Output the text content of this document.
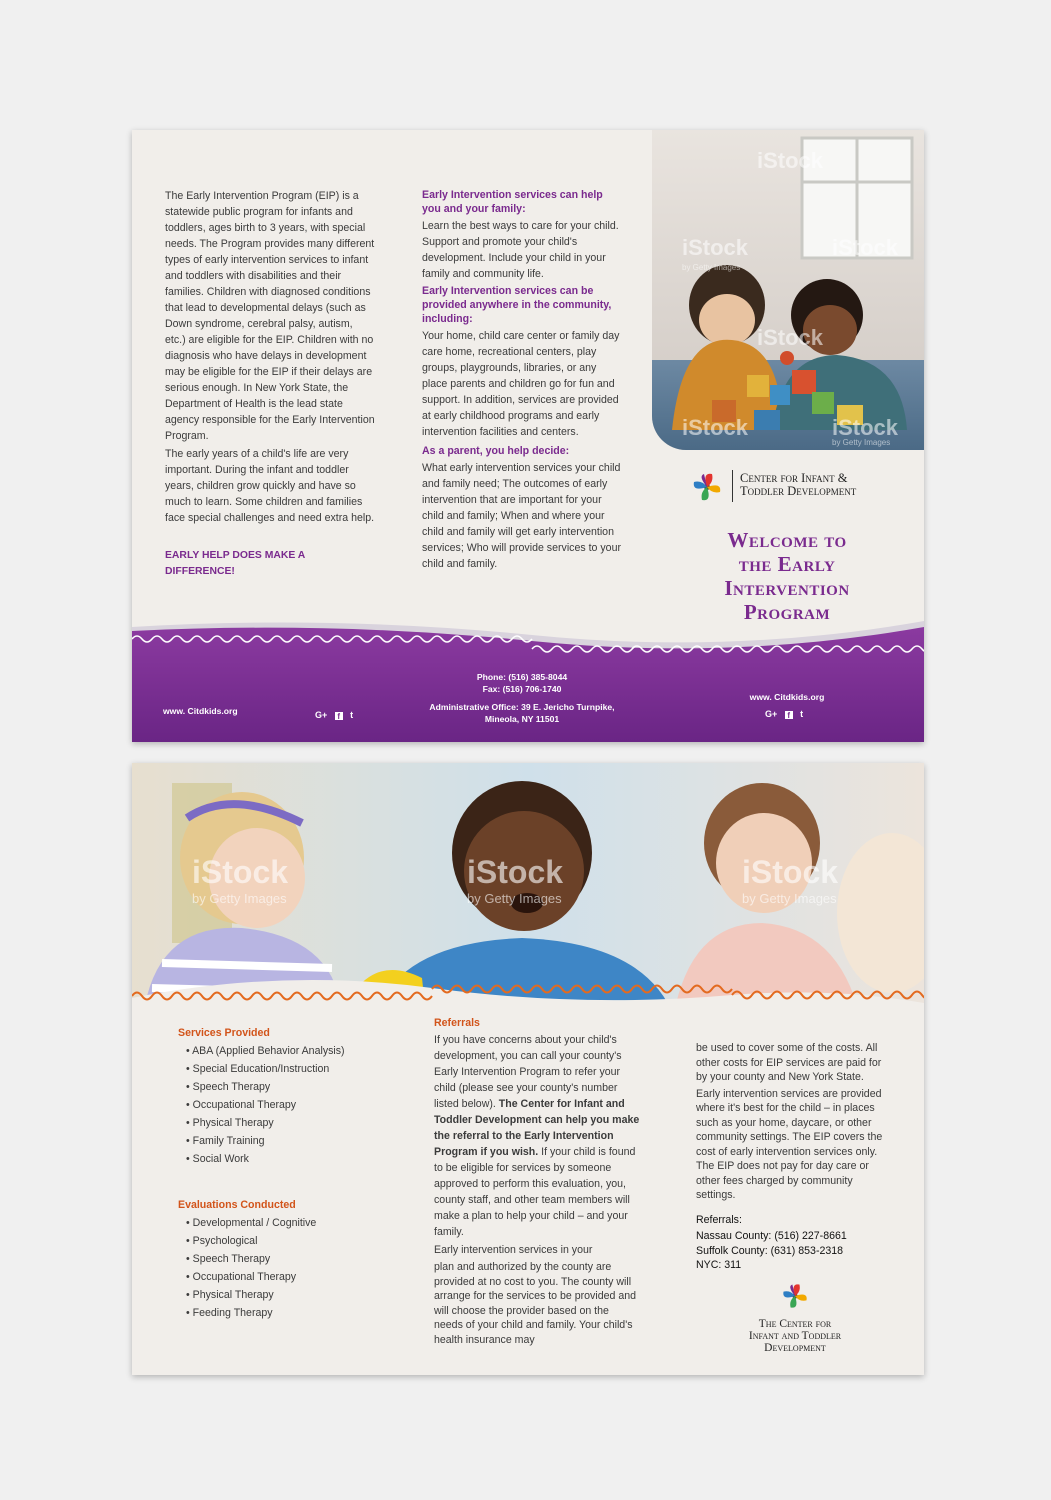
The Early Intervention Program (EIP) is a statewide public program for infants and toddlers, ages birth to 3 years, with special needs. The Program provides many different types of early intervention services to infant and toddlers with disabilities and their families. Children with diagnosed conditions that lead to developmental delays (such as Down syndrome, cerebral palsy, autism, etc.) are eligible for the EIP. Children with no diagnosis who have delays in development may be eligible for the EIP if their delays are serious enough. In New York State, the Department of Health is the lead state agency responsible for the Early Intervention Program.

The early years of a child's life are very important. During the infant and toddler years, children grow quickly and have so much to learn. Some children and families face special challenges and need extra help.

EARLY HELP DOES MAKE A DIFFERENCE!

Early Intervention services can help you and your family:

Learn the best ways to care for your child. Support and promote your child's development. Include your child in your family and community life.

Early Intervention services can be provided anywhere in the community, including:

Your home, child care center or family day care home, recreational centers, play groups, playgrounds, libraries, or any place parents and children go for fun and support. In addition, services are provided at early childhood programs and early intervention facilities and centers.

As a parent, you help decide:

What early intervention services your child and family need; The outcomes of early intervention that are important for your child and family; When and where your child and family will get early intervention services; Who will provide services to your child and family.

iStock
iStock
by Getty Images
iStock
iStock
iStock	iStock
by Getty Images
Center for Infant &
Toddler Development
Welcome to
the Early
Intervention
Program
www. Citdkids.org	G+ f t
Phone: (516) 385-8044
Fax: (516) 706-1740
Administrative Office: 39 E. Jericho Turnpike,
Mineola, NY 11501
www. Citdkids.org
G+ f t
iStock
by Getty Images
iStock
by Getty Images
iStock
by Getty Images
Services Provided
• ABA (Applied Behavior Analysis)
• Special Education/Instruction
• Speech Therapy
• Occupational Therapy
• Physical Therapy
• Family Training
• Social Work
Evaluations Conducted
• Developmental / Cognitive
• Psychological
• Speech Therapy
• Occupational Therapy
• Physical Therapy
• Feeding Therapy
Referrals

If you have concerns about your child's development, you can call your county's Early Intervention Program to refer your child (please see your county's number listed below). The Center for Infant and Toddler Development can help you make the referral to the Early Intervention Program if you wish. If your child is found to be eligible for services by someone approved to perform this evaluation, you, county staff, and other team members will make a plan to help your child – and your family.

Early intervention services in your

plan and authorized by the county are provided at no cost to you. The county will arrange for the services to be provided and will choose the provider based on the needs of your child and family. Your child's health insurance may

be used to cover some of the costs. All other costs for EIP services are paid for by your county and New York State.

Early intervention services are provided where it's best for the child – in places such as your home, daycare, or other community settings. The EIP covers the cost of early intervention services only. The EIP does not pay for day care or other fees charged by community settings.

Referrals:
Nassau County: (516) 227-8661
Suffolk County: (631) 853-2318
NYC: 311
The Center for
Infant and Toddler
Development
